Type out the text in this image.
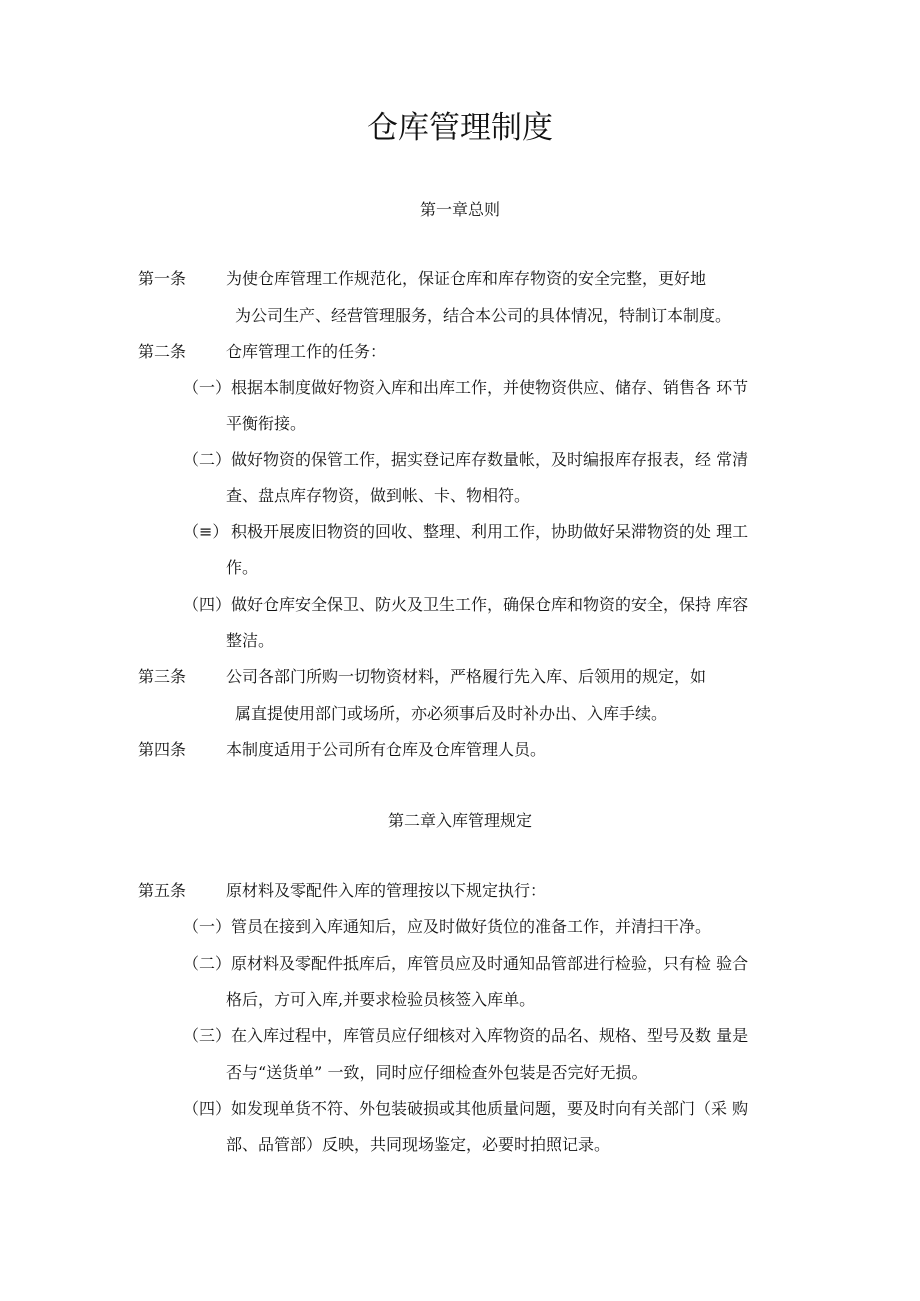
仓库管理制度
第一章总则
第一条 为使仓库管理工作规范化，保证仓库和库存物资的安全完整，更好地
为公司生产、经营管理服务，结合本公司的具体情况，特制订本制度。
第二条 仓库管理工作的任务：
（一） 根据本制度做好物资入库和出库工作，并使物资供应、储存、销售各 环节
平衡衔接。
（二） 做好物资的保管工作，据实登记库存数量帐，及时编报库存报表，经 常清
查、盘点库存物资，做到帐、卡、物相符。
（≡） 积极开展废旧物资的回收、整理、利用工作，协助做好呆滞物资的处 理工
作。
（四） 做好仓库安全保卫、防火及卫生工作，确保仓库和物资的安全，保持 库容
整洁。
第三条 公司各部门所购一切物资材料，严格履行先入库、后领用的规定，如
属直提使用部门或场所，亦必须事后及时补办出、入库手续。
第四条 本制度适用于公司所有仓库及仓库管理人员。
第二章入库管理规定
第五条 原材料及零配件入库的管理按以下规定执行：
（一） 管员在接到入库通知后，应及时做好货位的准备工作，并清扫干净。
（二） 原材料及零配件抵库后，库管员应及时通知品管部进行检验，只有检 验合
格后，方可入库,并要求检验员核签入库单。
（三） 在入库过程中，库管员应仔细核对入库物资的品名、规格、型号及数 量是
否与“送货单” 一致，同时应仔细检查外包装是否完好无损。
（四） 如发现单货不符、外包装破损或其他质量问题，要及时向有关部门（采 购
部、品管部）反映，共同现场鉴定，必要时拍照记录。
